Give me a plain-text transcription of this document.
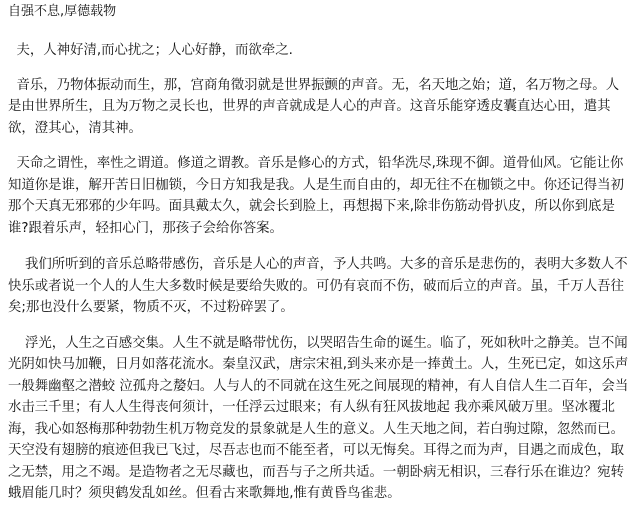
自强不息,厚德载物
夫，人神好清,而心扰之；人心好静，而欲牵之.
音乐，乃物体振动而生，那，宫商角徵羽就是世界振颤的声音。无，名天地之始；道，名万物之母。人是由世界所生，且为万物之灵长也，世界的声音就成是人心的声音。这音乐能穿透皮囊直达心田，遣其欲，澄其心，清其神。
天命之谓性，率性之谓道。修道之谓教。音乐是修心的方式，铅华洗尽,珠现不御。道骨仙风。它能让你知道你是谁，解开苦日旧枷锁，今日方知我是我。人是生而自由的，却无往不在枷锁之中。你还记得当初那个天真无邪邪的少年吗。面具戴太久，就会长到脸上，再想揭下来,除非伤筋动骨扒皮，所以你到底是谁?跟着乐声，轻扣心门，那孩子会给你答案。
我们所听到的音乐总略带感伤，音乐是人心的声音，予人共鸣。大多的音乐是悲伤的，表明大多数人不快乐或者说一个人的人生大多数时候是要给失败的。可仍有哀而不伤，破而后立的声音。虽，千万人吾往矣;那也没什么要紧，物质不灭，不过粉碎罢了。
浮光，人生之百感交集。人生不就是略带忧伤，以哭昭告生命的诞生。临了，死如秋叶之静美。岂不闻光阴如快马加鞭，日月如落花流水。秦皇汉武，唐宗宋祖,到头来亦是一捧黄土。人，生死已定，如这乐声一般舞幽壑之潜蛟 泣孤舟之嫠妇。人与人的不同就在这生死之间展现的精神，有人自信人生二百年，会当水击三千里；有人人生得丧何须计，一任浮云过眼来；有人纵有狂风拔地起 我亦乘风破万里。坚冰覆北海，我心如怒梅那种勃勃生机万物竞发的景象就是人生的意义。人生天地之间，若白驹过隙，忽然而已。天空没有翅膀的痕迹但我已飞过，尽吾志也而不能至者，可以无悔矣。耳得之而为声，目遇之而成色，取之无禁，用之不竭。是造物者之无尽藏也，而吾与子之所共适。一朝卧病无相识，三春行乐在谁边？宛转蛾眉能几时？须臾鹤发乱如丝。但看古来歌舞地,惟有黄昏鸟雀悲。
